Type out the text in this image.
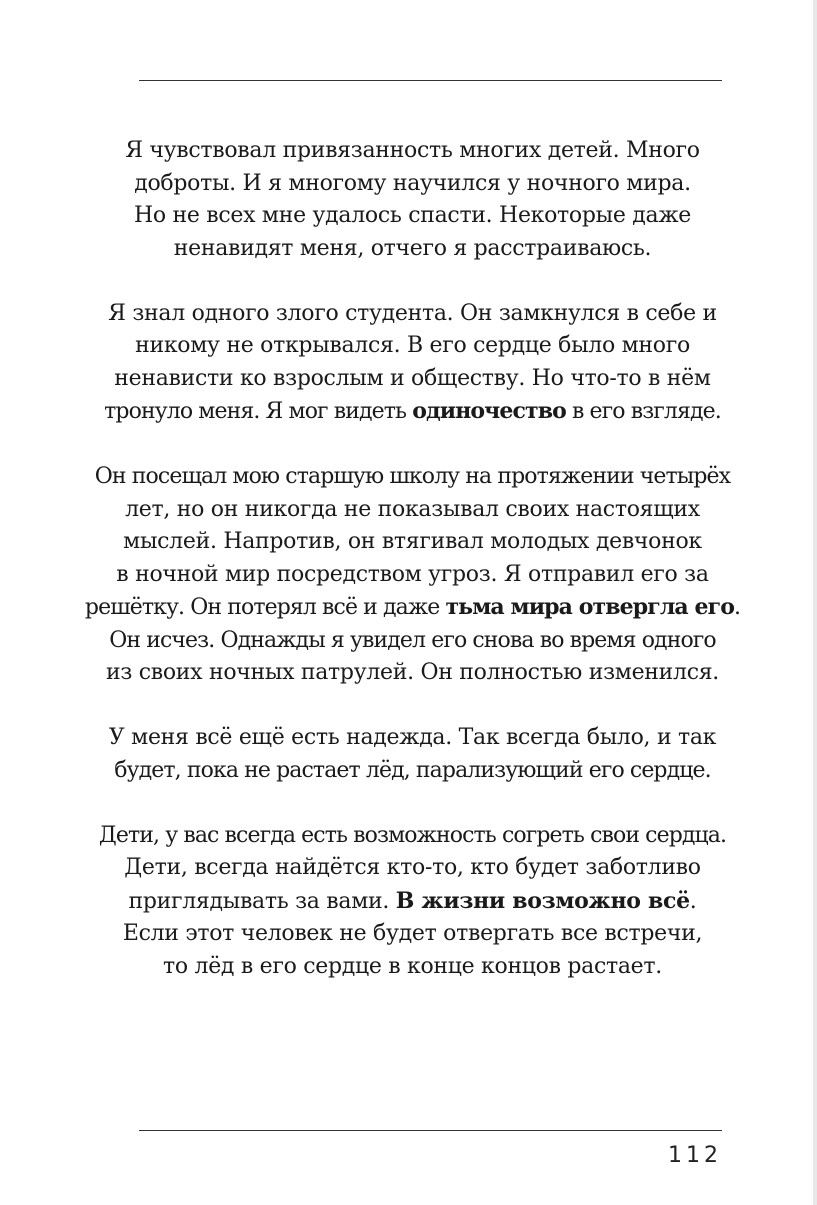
Я чувствовал привязанность многих детей. Много
доброты. И я многому научился у ночного мира.
Но не всех мне удалось спасти. Некоторые даже
ненавидят меня, отчего я расстраиваюсь.

Я знал одного злого студента. Он замкнулся в себе и
никому не открывался. В его сердце было много
ненависти ко взрослым и обществу. Но что-то в нём
тронуло меня. Я мог видеть одиночество в его взгляде.

Он посещал мою старшую школу на протяжении четырёх
лет, но он никогда не показывал своих настоящих
мыслей. Напротив, он втягивал молодых девчонок
в ночной мир посредством угроз. Я отправил его за
решётку. Он потерял всё и даже тьма мира отвергла его.
Он исчез. Однажды я увидел его снова во время одного
из своих ночных патрулей. Он полностью изменился.

У меня всё ещё есть надежда. Так всегда было, и так
будет, пока не растает лёд, парализующий его сердце.

Дети, у вас всегда есть возможность согреть свои сердца.
Дети, всегда найдётся кто-то, кто будет заботливо
приглядывать за вами. В жизни возможно всё.
Если этот человек не будет отвергать все встречи,
то лёд в его сердце в конце концов растает.

112
